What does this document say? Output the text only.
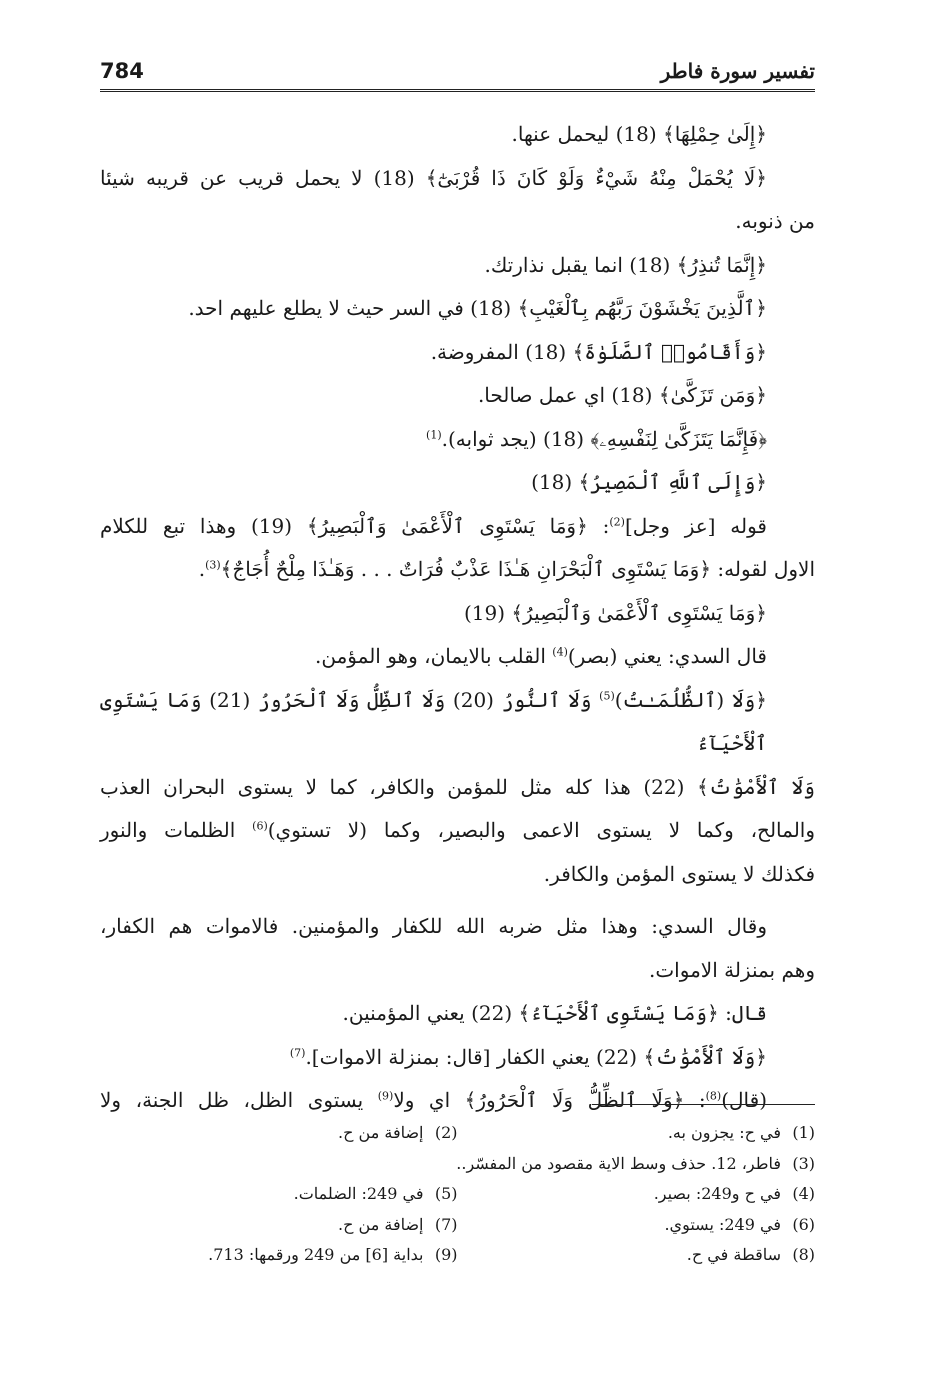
784	تفسير سورة فاطر

﴿إِلَىٰ حِمْلِهَا﴾ (18) ليحمل عنها.

﴿لَا يُحْمَلْ مِنْهُ شَيْءٌ وَلَوْ كَانَ ذَا قُرْبَىٰٓ﴾ (18) لا يحمل قريب عن قريبه شيئا
من ذنوبه.

﴿إِنَّمَا تُنذِرُ﴾ (18) انما يقبل نذارتك.

﴿ٱلَّذِينَ يَخْشَوْنَ رَبَّهُم بِٱلْغَيْبِ﴾ (18) في السر حيث لا يطلع عليهم احد.

﴿وَأَقَامُوا۟ ٱلصَّلَوٰةَ﴾ (18) المفروضة.

﴿وَمَن تَزَكَّىٰ﴾ (18) اي عمل صالحا.

﴿فَإِنَّمَا يَتَزَكَّىٰ لِنَفْسِهِۦ﴾ (18) (يجد ثوابه).$^{(1)}$

﴿وَإِلَى ٱللَّهِ ٱلْمَصِيرُ﴾ (18)

قوله [عز وجل]$^{(2)}$: ﴿وَمَا يَسْتَوِى ٱلْأَعْمَىٰ وَٱلْبَصِيرُ﴾ (19) وهذا تبع للكلام
الاول لقوله: ﴿وَمَا يَسْتَوِى ٱلْبَحْرَانِ هَـٰذَا عَذْبٌ فُرَاتٌ . . . وَهَـٰذَا مِلْحٌ أُجَاجٌ﴾$^{(3)}$.

﴿وَمَا يَسْتَوِى ٱلْأَعْمَىٰ وَٱلْبَصِيرُ﴾ (19)

قال السدي: يعني (بصر)$^{(4)}$ القلب بالايمان، وهو المؤمن.

﴿وَلَا (ٱلظُّلُمَـٰتُ)$^{(5)}$ وَلَا ٱلنُّورُ (20) وَلَا ٱلظِّلُّ وَلَا ٱلْحَرُورُ (21) وَمَا يَسْتَوِى ٱلْأَحْيَآءُ
وَلَا ٱلْأَمْوَٰتُ﴾ (22) هذا كله مثل للمؤمن والكافر، كما لا يستوى البحران العذب
والمالح، وكما لا يستوى الاعمى والبصير، وكما (لا تستوي)$^{(6)}$ الظلمات والنور
فكذلك لا يستوى المؤمن والكافر.

وقال السدي: وهذا مثل ضربه الله للكفار والمؤمنين. فالاموات هم الكفار،
وهم بمنزلة الاموات.

قال: ﴿وَمَا يَسْتَوِى ٱلْأَحْيَآءُ﴾ (22) يعني المؤمنين.

﴿وَلَا ٱلْأَمْوَٰتُ﴾ (22) يعني الكفار [قال: بمنزلة الاموات].$^{(7)}$

(قال)$^{(8)}$: ﴿وَلَا ٱلظِّلُّ وَلَا ٱلْحَرُورُ﴾ اي ولا$^{(9)}$ يستوى الظل، ظل الجنة، ولا

(1)في ح: يجزون به.
(2)إضافة من ح.
(3)فاطر، 12. حذف وسط الاية مقصود من المفسّر..
(4)في ح و249: بصير.
(5)في 249: الضلمات.
(6)في 249: يستوي.
(7)إضافة من ح.
(8)ساقطة في ح.
(9)بداية [6] من 249 ورقمها: 713.
